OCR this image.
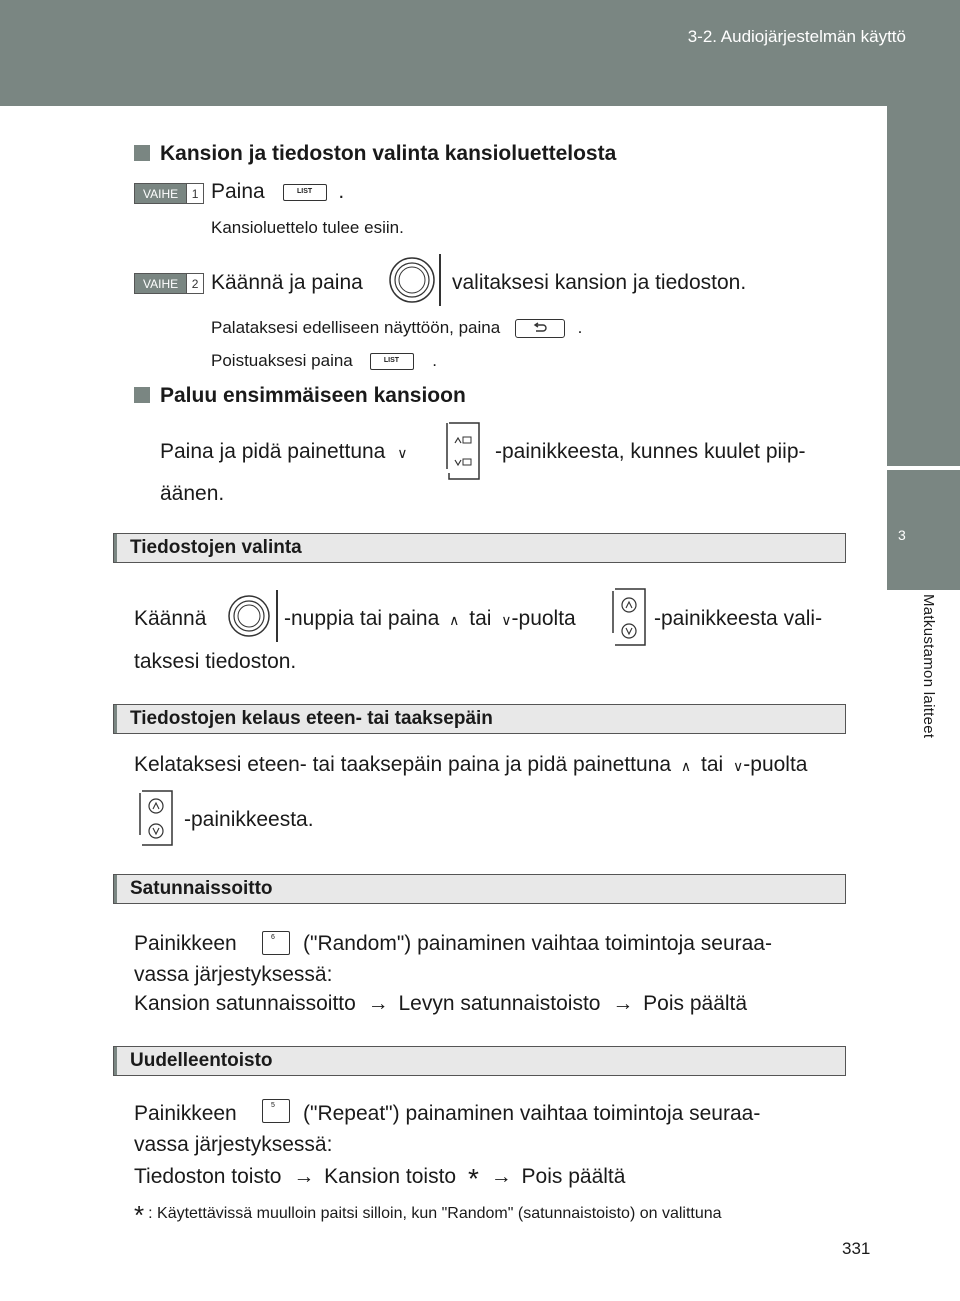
3-2. Audiojärjestelmän käyttö
3
Matkustamon laitteet
Kansion ja tiedoston valinta kansioluettelosta
VAIHE	1 Paina	LIST .
Kansioluettelo tulee esiin.
VAIHE	2 Käännä ja paina	valitaksesi kansion ja tiedoston.
Palataksesi edelliseen näyttöön, paina	.
Poistuaksesi paina	LIST .
Paluu ensimmäiseen kansioon
Paina ja pidä painettuna ∨	-painikkeesta, kunnes kuulet piip-
äänen.
Tiedostojen valinta
Käännä	-nuppia tai paina ∧ tai ∨-puolta	-painikkeesta vali-
taksesi tiedoston.
Tiedostojen kelaus eteen- tai taaksepäin
Kelataksesi eteen- tai taaksepäin paina ja pidä painettuna ∧ tai ∨-puolta
-painikkeesta.
Satunnaissoitto
Painikkeen	6	("Random") painaminen vaihtaa toimintoja seuraa-
vassa järjestyksessä:
Kansion satunnaissoitto → Levyn satunnaistoisto → Pois päältä
Uudelleentoisto
Painikkeen	5	("Repeat") painaminen vaihtaa toimintoja seuraa-
vassa järjestyksessä:
Tiedoston toisto → Kansion toisto * → Pois päältä
* : Käytettävissä muulloin paitsi silloin, kun "Random" (satunnaistoisto) on valittuna
331
